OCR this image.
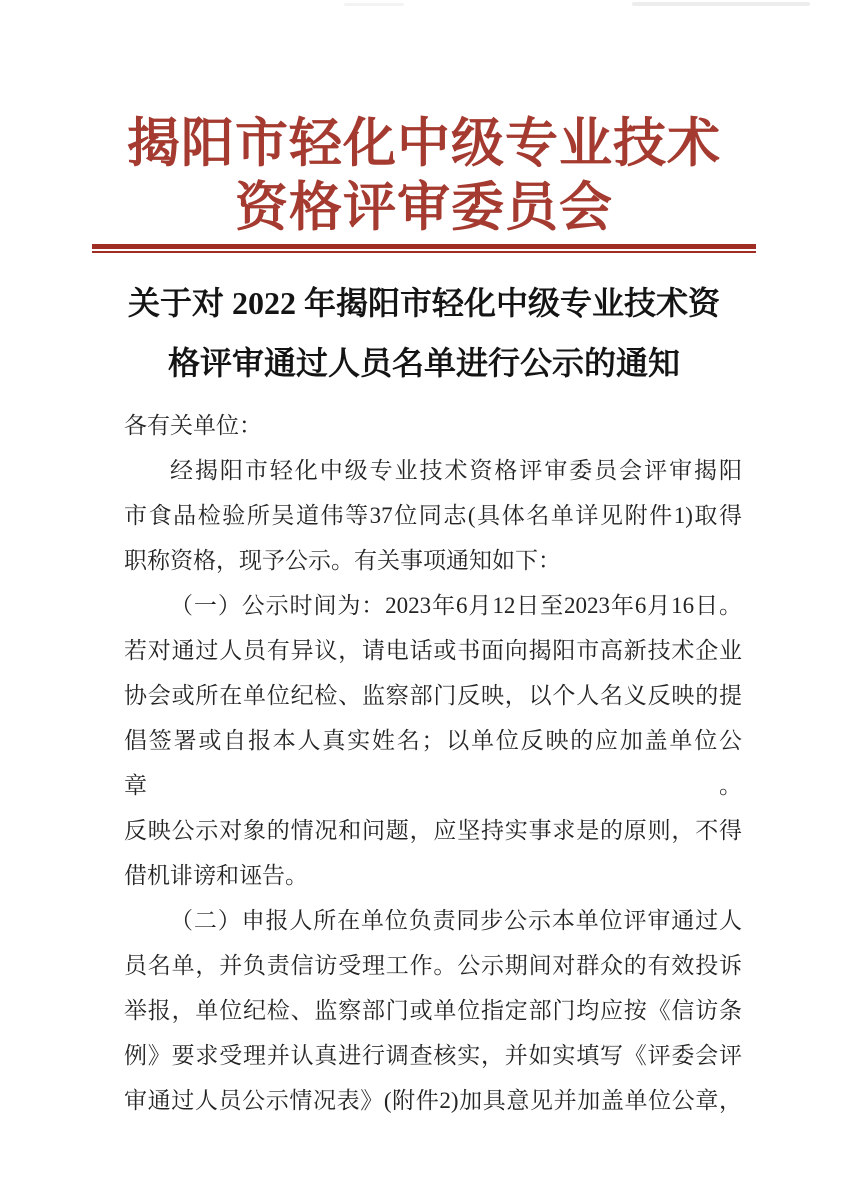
揭阳市轻化中级专业技术
资格评审委员会
关于对 2022 年揭阳市轻化中级专业技术资
格评审通过人员名单进行公示的通知
各有关单位：
经揭阳市轻化中级专业技术资格评审委员会评审揭阳
市食品检验所吴道伟等37位同志(具体名单详见附件1)取得
职称资格，现予公示。有关事项通知如下：
（一）公示时间为：2023年6月12日至2023年6月16日。
若对通过人员有异议，请电话或书面向揭阳市高新技术企业
协会或所在单位纪检、监察部门反映，以个人名义反映的提
倡签署或自报本人真实姓名；以单位反映的应加盖单位公章。
反映公示对象的情况和问题，应坚持实事求是的原则，不得
借机诽谤和诬告。
（二）申报人所在单位负责同步公示本单位评审通过人
员名单，并负责信访受理工作。公示期间对群众的有效投诉
举报，单位纪检、监察部门或单位指定部门均应按《信访条
例》要求受理并认真进行调查核实，并如实填写《评委会评
审通过人员公示情况表》(附件2)加具意见并加盖单位公章，
